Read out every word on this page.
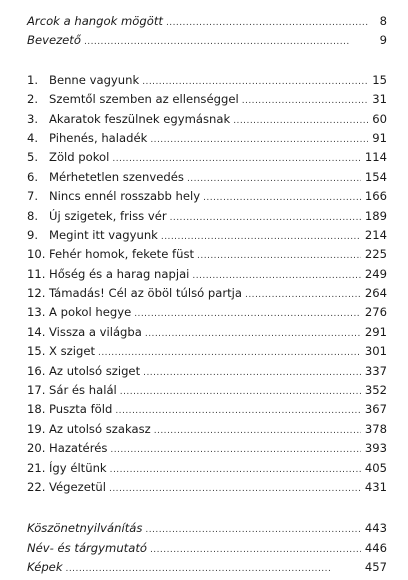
Arcok a hangok mögött . . .	8
Bevezető . . .	9
1. Benne vagyunk . . .	15
2. Szemtől szemben az ellenséggel . . .	31
3. Akaratok feszülnek egymásnak . . .	60
4. Pihenés, haladék . . .	91
5. Zöld pokol . . .	114
6. Mérhetetlen szenvedés . . .	154
7. Nincs ennél rosszabb hely . . .	166
8. Új szigetek, friss vér . . .	189
9. Megint itt vagyunk . . .	214
10. Fehér homok, fekete füst . . .	225
11. Hőség és a harag napjai . . .	249
12. Támadás! Cél az öböl túlsó partja . . .	264
13. A pokol hegye . . .	276
14. Vissza a világba . . .	291
15. X sziget . . .	301
16. Az utolsó sziget . . .	337
17. Sár és halál . . .	352
18. Puszta föld . . .	367
19. Az utolsó szakasz . . .	378
20. Hazatérés . . .	393
21. Így éltünk . . .	405
22. Végezetül . . .	431
Köszönetnyilvánítás . . .	443
Név- és tárgymutató . . .	446
Képek . . .	457
